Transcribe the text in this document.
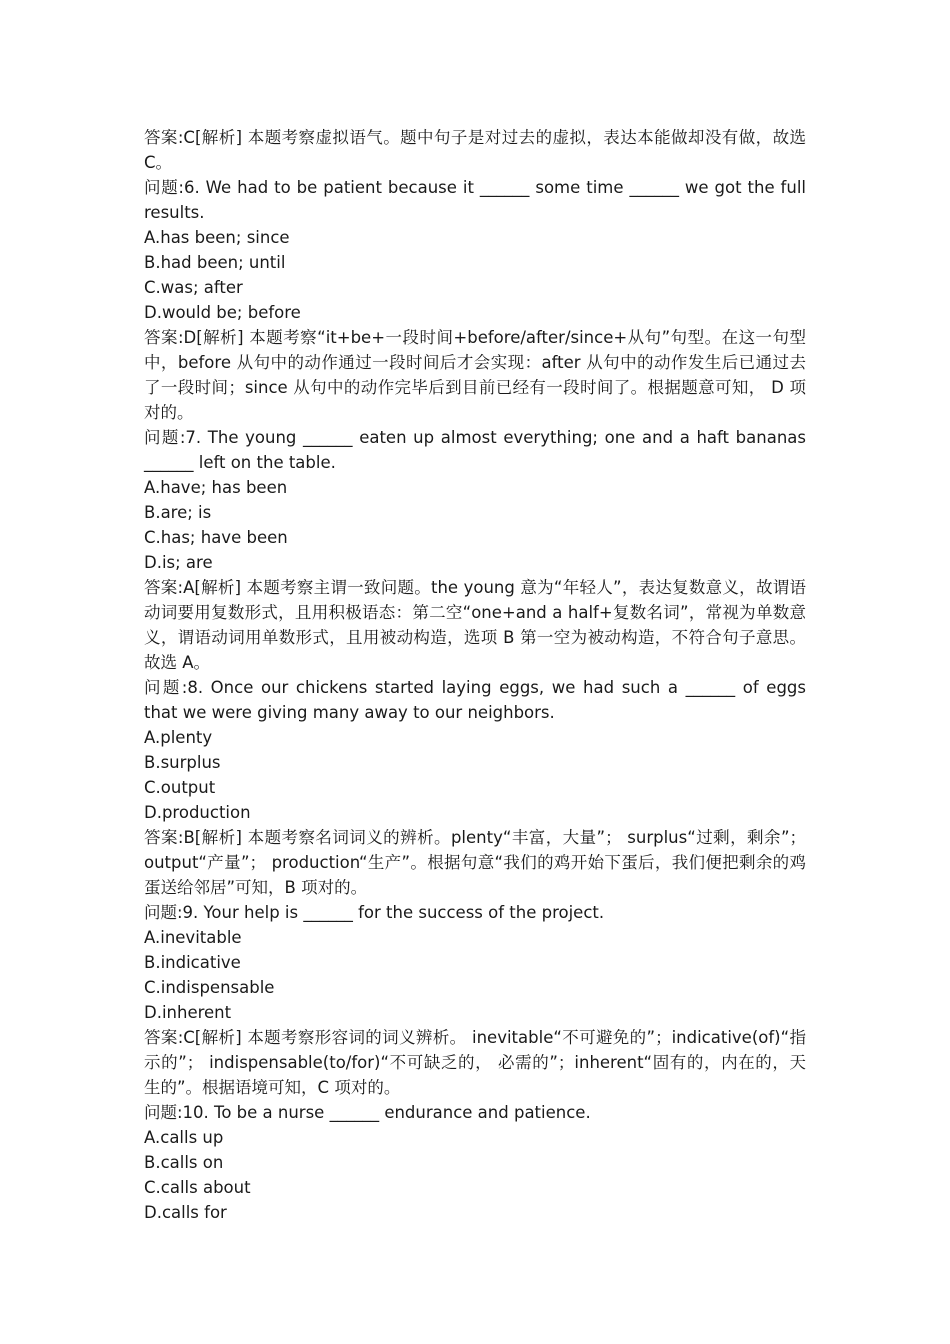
答案:C[解析] 本题考察虚拟语气。题中句子是对过去的虚拟，表达本能做却没有做，故选C。

问题:6. We had to be patient because it ______ some time ______ we got the full results.

A.has been; since

B.had been; until

C.was; after

D.would be; before

答案:D[解析] 本题考察“it+be+一段时间+before/after/since+从句”句型。在这一句型中，before 从句中的动作通过一段时间后才会实现：after 从句中的动作发生后已通过去了一段时间；since 从句中的动作完毕后到目前已经有一段时间了。根据题意可知， D 项对的。

问题:7. The young ______ eaten up almost everything; one and a haft bananas ______ left on the table.

A.have; has been

B.are; is

C.has; have been

D.is; are

答案:A[解析] 本题考察主谓一致问题。the young 意为“年轻人”，表达复数意义，故谓语动词要用复数形式，且用积极语态：第二空“one+and a half+复数名词”，常视为单数意义，谓语动词用单数形式，且用被动构造，选项 B 第一空为被动构造，不符合句子意思。故选 A。

问题:8. Once our chickens started laying eggs, we had such a ______ of eggs that we were giving many away to our neighbors.

A.plenty

B.surplus

C.output

D.production

答案:B[解析] 本题考察名词词义的辨析。plenty“丰富，大量”； surplus“过剩，剩余”；output“产量”； production“生产”。根据句意“我们的鸡开始下蛋后，我们便把剩余的鸡蛋送给邻居”可知，B 项对的。

问题:9. Your help is ______ for the success of the project.

A.inevitable

B.indicative

C.indispensable

D.inherent

答案:C[解析] 本题考察形容词的词义辨析。 inevitable“不可避免的”；indicative(of)“指示的”； indispensable(to/for)“不可缺乏的， 必需的”；inherent“固有的，内在的，天生的”。根据语境可知，C 项对的。

问题:10. To be a nurse ______ endurance and patience.

A.calls up

B.calls on

C.calls about

D.calls for
